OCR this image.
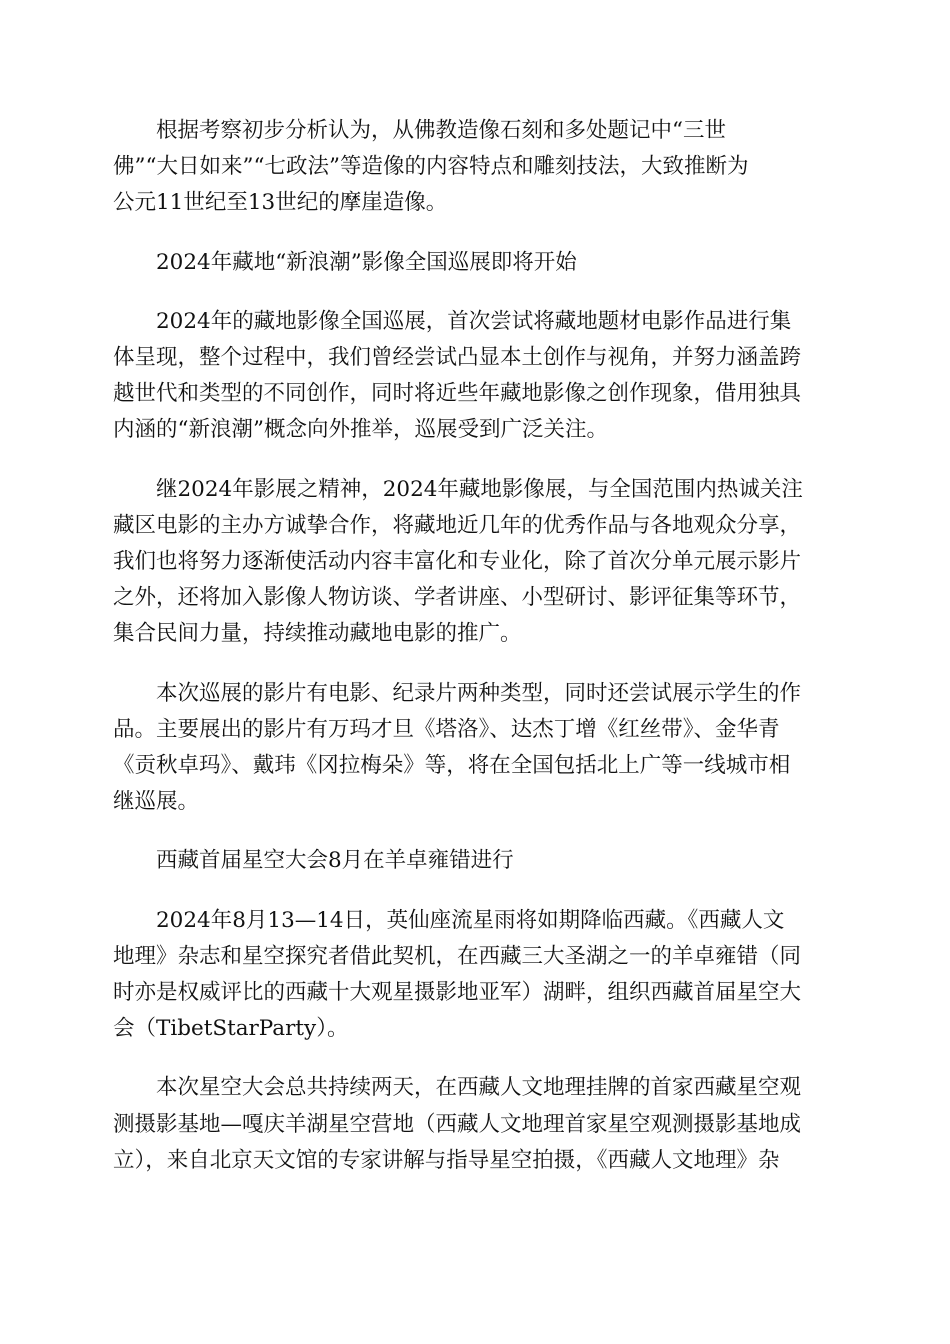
根据考察初步分析认为，从佛教造像石刻和多处题记中“三世
佛”“大日如来”“七政法”等造像的内容特点和雕刻技法，大致推断为
公元11世纪至13世纪的摩崖造像。

2024年藏地“新浪潮”影像全国巡展即将开始

2024年的藏地影像全国巡展，首次尝试将藏地题材电影作品进行集
体呈现，整个过程中，我们曾经尝试凸显本土创作与视角，并努力涵盖跨
越世代和类型的不同创作，同时将近些年藏地影像之创作现象，借用独具
内涵的“新浪潮”概念向外推举，巡展受到广泛关注。

继2024年影展之精神，2024年藏地影像展，与全国范围内热诚关注
藏区电影的主办方诚挚合作，将藏地近几年的优秀作品与各地观众分享，
我们也将努力逐渐使活动内容丰富化和专业化，除了首次分单元展示影片
之外，还将加入影像人物访谈、学者讲座、小型研讨、影评征集等环节，
集合民间力量，持续推动藏地电影的推广。

本次巡展的影片有电影、纪录片两种类型，同时还尝试展示学生的作
品。主要展出的影片有万玛才旦《塔洛》、达杰丁增《红丝带》、金华青
《贡秋卓玛》、戴玮《冈拉梅朵》等，将在全国包括北上广等一线城市相
继巡展。

西藏首届星空大会8月在羊卓雍错进行

2024年8月13—14日，英仙座流星雨将如期降临西藏。《西藏人文
地理》杂志和星空探究者借此契机，在西藏三大圣湖之一的羊卓雍错（同
时亦是权威评比的西藏十大观星摄影地亚军）湖畔，组织西藏首届星空大
会（TibetStarParty）。

本次星空大会总共持续两天，在西藏人文地理挂牌的首家西藏星空观
测摄影基地—嘎庆羊湖星空营地（西藏人文地理首家星空观测摄影基地成
立），来自北京天文馆的专家讲解与指导星空拍摄，《西藏人文地理》杂
